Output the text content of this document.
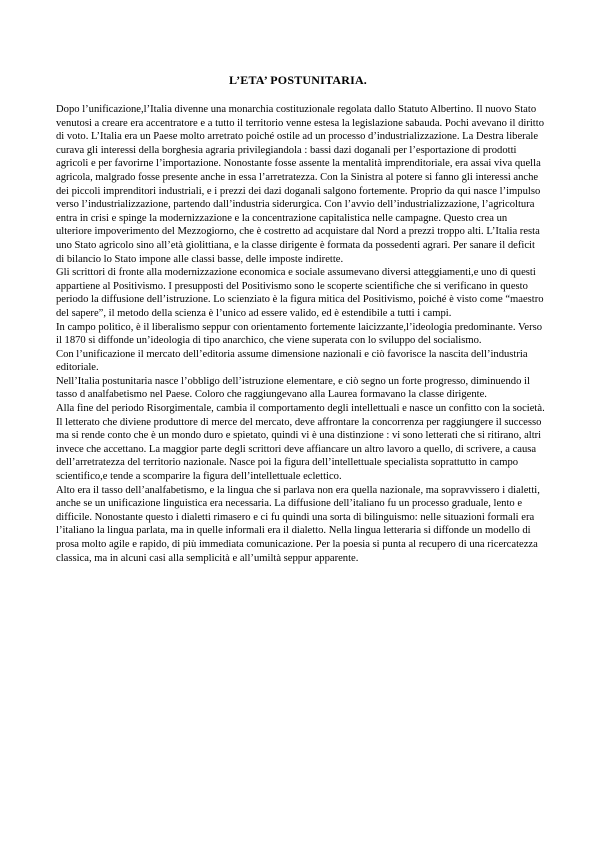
L’ETA’ POSTUNITARIA.

Dopo l’unificazione,l’Italia divenne una monarchia costituzionale regolata dallo Statuto Albertino. Il nuovo Stato venutosi a creare era accentratore e a tutto il territorio venne estesa la legislazione sabauda. Pochi avevano il diritto di voto. L’Italia era un Paese molto arretrato poiché ostile ad un processo d’industrializzazione. La Destra liberale curava gli interessi della borghesia agraria privilegiandola : bassi dazi doganali per l’esportazione di prodotti agricoli e per favorirne l’importazione. Nonostante fosse assente la mentalità imprenditoriale, era assai viva quella agricola, malgrado fosse presente anche in essa l’arretratezza. Con la Sinistra al potere si fanno gli interessi anche dei piccoli imprenditori industriali, e i prezzi dei dazi doganali salgono fortemente. Proprio da qui nasce l’impulso verso l’industrializzazione, partendo dall’industria siderurgica. Con l’avvio dell’industrializzazione, l’agricoltura entra in crisi e spinge la modernizzazione e la concentrazione capitalistica nelle campagne. Questo crea un ulteriore impoverimento del Mezzogiorno, che è costretto ad acquistare dal Nord a prezzi troppo alti. L’Italia resta uno Stato agricolo sino all’età giolittiana, e la classe dirigente è formata da possedenti agrari. Per sanare il deficit di bilancio lo Stato impone alle classi basse, delle imposte indirette.

Gli scrittori di fronte alla modernizzazione economica e sociale assumevano diversi atteggiamenti,e uno di questi appartiene al Positivismo. I presupposti del Positivismo sono le scoperte scientifiche che si verificano in questo periodo la diffusione dell’istruzione. Lo scienziato è la figura mitica del Positivismo, poiché è visto come “maestro del sapere”, il metodo della scienza è l’unico ad essere valido, ed è estendibile a tutti i campi.

In campo politico, è il liberalismo seppur con orientamento fortemente laicizzante,l’ideologia predominante. Verso il 1870 si diffonde un’ideologia di tipo anarchico, che viene superata con lo sviluppo del socialismo.

Con l’unificazione il mercato dell’editoria assume dimensione nazionali e ciò favorisce la nascita dell’industria editoriale.

Nell’Italia postunitaria nasce l’obbligo dell’istruzione elementare, e ciò segno un forte progresso, diminuendo il tasso d analfabetismo nel Paese. Coloro che raggiungevano alla Laurea formavano la classe dirigente.

Alla fine del periodo Risorgimentale, cambia il comportamento degli intellettuali e nasce un confitto con la società. Il letterato che diviene produttore di merce del mercato, deve affrontare la concorrenza per raggiungere il successo ma si rende conto che è un mondo duro e spietato, quindi vi è una distinzione : vi sono letterati che si ritirano, altri invece che accettano. La maggior parte degli scrittori deve affiancare un altro lavoro a quello, di scrivere, a causa dell’arretratezza del territorio nazionale. Nasce poi la figura dell’intellettuale specialista soprattutto in campo scientifico,e tende a scomparire la figura dell’intellettuale eclettico.

Alto era il tasso dell’analfabetismo, e la lingua che si parlava non era quella nazionale, ma sopravvissero i dialetti, anche se un unificazione linguistica era necessaria. La diffusione dell’italiano fu un processo graduale, lento e difficile. Nonostante questo i dialetti rimasero e ci fu quindi una sorta di bilinguismo: nelle situazioni formali era l’italiano la lingua parlata, ma in quelle informali era il dialetto. Nella lingua letteraria si diffonde un modello di prosa molto agile e rapido, di più immediata comunicazione. Per la poesia si punta al recupero di una ricercatezza classica, ma in alcuni casi alla semplicità e all’umiltà seppur apparente.
